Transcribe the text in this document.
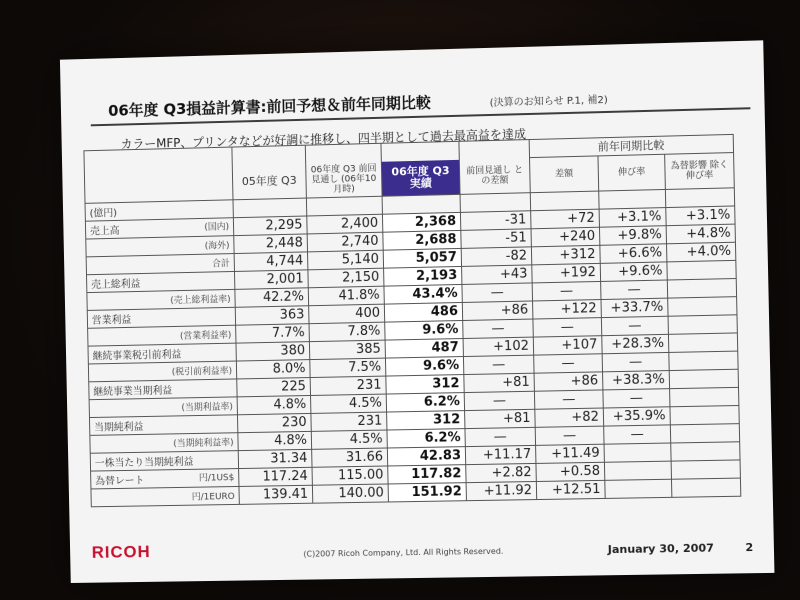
06年度 Q3損益計算書:前回予想＆前年同期比較	(決算のお知らせ P.1, 補2)
カラーMFP、プリンタなどが好調に推移し、四半期として過去最高益を達成
						前年同期比較		
	05年度 Q3	06年度 Q3 前回見通し (06年10月時)	06年度 Q3実績	前回見通し との差額	差額	伸び率	為替影響 除く伸び率
(億円)							
売上高 (国内)	2,295	2,400	2,368	-31	+72	+3.1%	+3.1%

(海外)	2,448	2,740	2,688	-51	+240	+9.8%	+4.8%

合計	4,744	5,140	5,057	-82	+312	+6.6%	+4.0%
売上総利益	2,001	2,150	2,193	+43	+192	+9.6%	

(売上総利益率)	42.2%	41.8%	43.4%	—	—	—	
営業利益	363	400	486	+86	+122	+33.7%	

(営業利益率)	7.7%	7.8%	9.6%	—	—	—	
継続事業税引前利益	380	385	487	+102	+107	+28.3%	

(税引前利益率)	8.0%	7.5%	9.6%	—	—	—	
継続事業当期利益	225	231	312	+81	+86	+38.3%	

(当期利益率)	4.8%	4.5%	6.2%	—	—	—	
当期純利益	230	231	312	+81	+82	+35.9%	

(当期純利益率)	4.8%	4.5%	6.2%	—	—	—	
一株当たり当期純利益	31.34	31.66	42.83	+11.17	+11.49		
為替レート 円/1US$	117.24	115.00	117.82	+2.82	+0.58		

円/1EURO	139.41	140.00	151.92	+11.92	+12.51		
RICOH	(C)2007 Ricoh Company, Ltd. All Rights Reserved.	January 30, 2007	2
